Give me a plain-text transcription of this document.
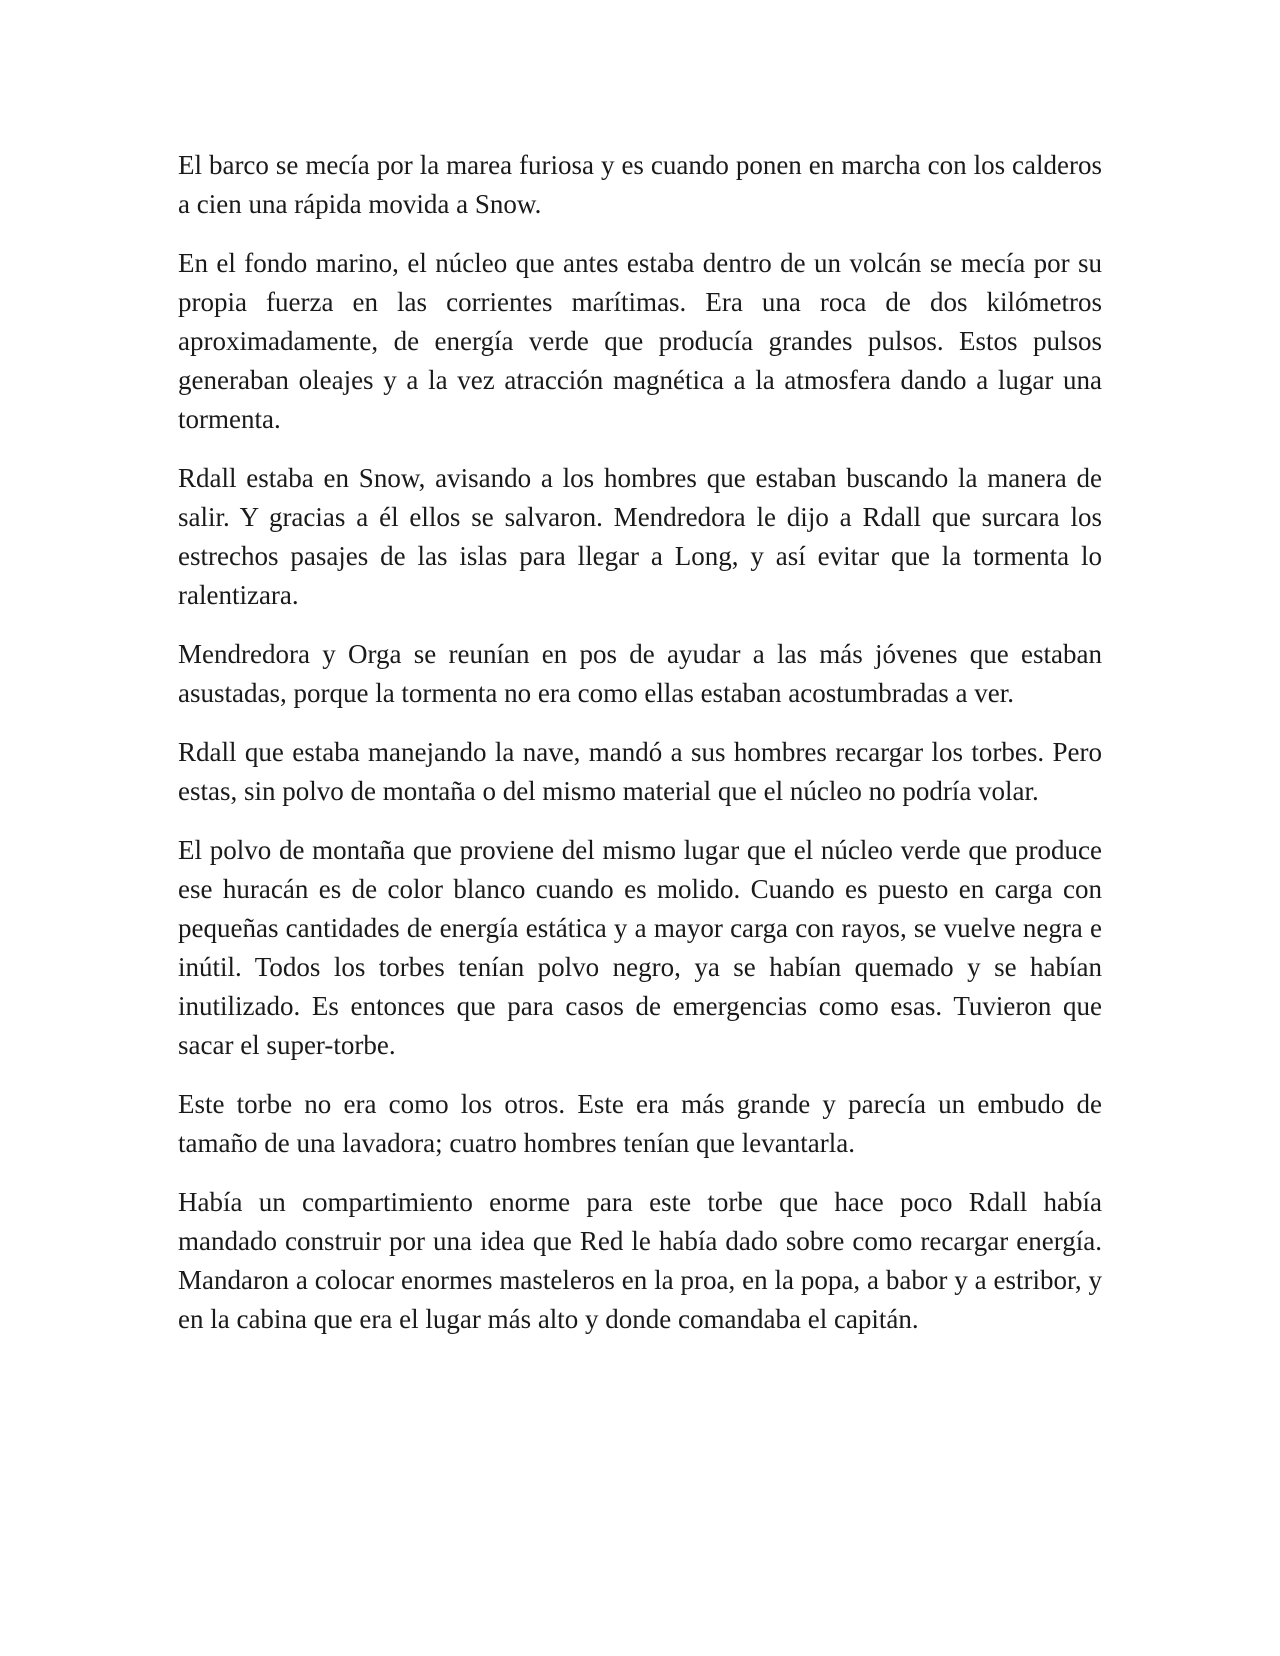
El barco se mecía por la marea furiosa y es cuando ponen en marcha con los calderos a cien una rápida movida a Snow.

En el fondo marino, el núcleo que antes estaba dentro de un volcán se mecía por su propia fuerza en las corrientes marítimas. Era una roca de dos kilómetros aproximadamente, de energía verde que producía grandes pulsos. Estos pulsos generaban oleajes y a la vez atracción magnética a la atmosfera dando a lugar una tormenta.

Rdall estaba en Snow, avisando a los hombres que estaban buscando la manera de salir. Y gracias a él ellos se salvaron. Mendredora le dijo a Rdall que surcara los estrechos pasajes de las islas para llegar a Long, y así evitar que la tormenta lo ralentizara.

Mendredora y Orga se reunían en pos de ayudar a las más jóvenes que estaban asustadas, porque la tormenta no era como ellas estaban acostumbradas a ver.

Rdall que estaba manejando la nave, mandó a sus hombres recargar los torbes. Pero estas, sin polvo de montaña o del mismo material que el núcleo no podría volar.

El polvo de montaña que proviene del mismo lugar que el núcleo verde que produce ese huracán es de color blanco cuando es molido. Cuando es puesto en carga con pequeñas cantidades de energía estática y a mayor carga con rayos, se vuelve negra e inútil. Todos los torbes tenían polvo negro, ya se habían quemado y se habían inutilizado. Es entonces que para casos de emergencias como esas. Tuvieron que sacar el super-torbe.

Este torbe no era como los otros. Este era más grande y parecía un embudo de tamaño de una lavadora; cuatro hombres tenían que levantarla.

Había un compartimiento enorme para este torbe que hace poco Rdall había mandado construir por una idea que Red le había dado sobre como recargar energía. Mandaron a colocar enormes masteleros en la proa, en la popa, a babor y a estribor, y en la cabina que era el lugar más alto y donde comandaba el capitán.
